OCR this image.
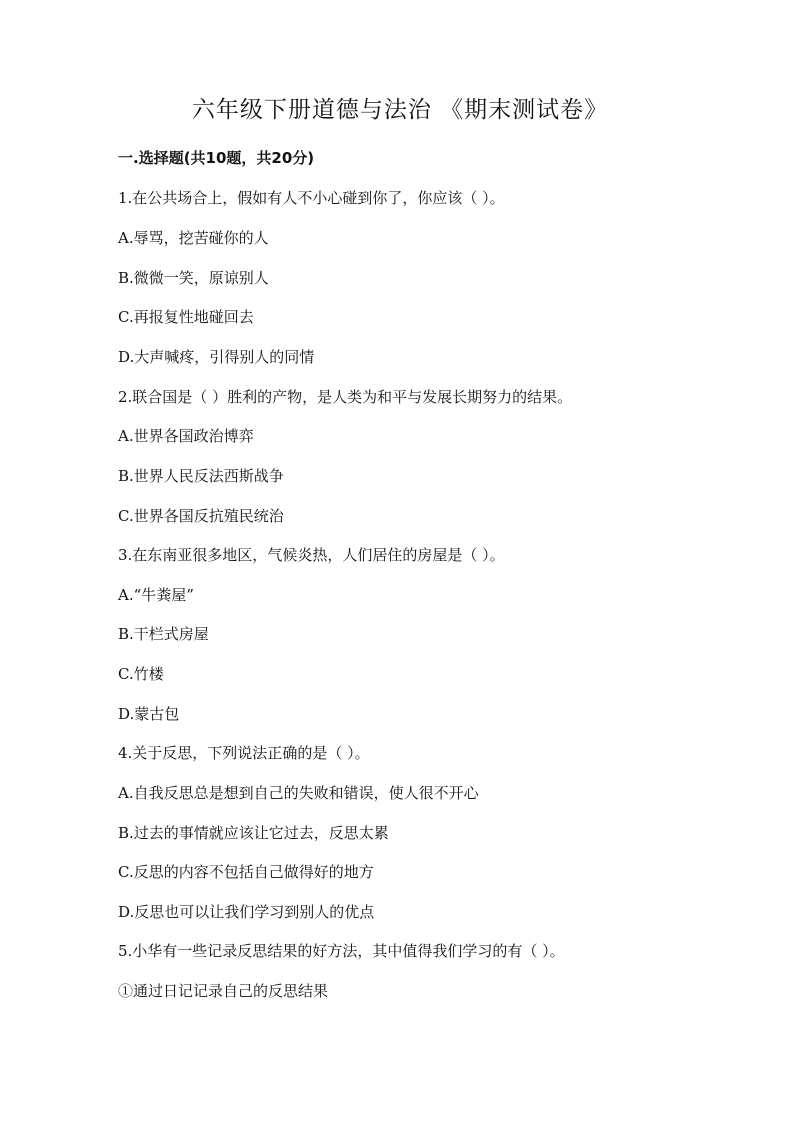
六年级下册道德与法治 《期末测试卷》
一.选择题(共10题，共20分)

1.在公共场合上，假如有人不小心碰到你了，你应该（ ）。

A.辱骂，挖苦碰你的人

B.微微一笑，原谅别人

C.再报复性地碰回去

D.大声喊疼，引得别人的同情

2.联合国是（ ）胜利的产物，是人类为和平与发展长期努力的结果。

A.世界各国政治博弈

B.世界人民反法西斯战争

C.世界各国反抗殖民统治

3.在东南亚很多地区，气候炎热，人们居住的房屋是（ ）。

A.“牛粪屋”

B.干栏式房屋

C.竹楼

D.蒙古包

4.关于反思，下列说法正确的是（ ）。

A.自我反思总是想到自己的失败和错误，使人很不开心

B.过去的事情就应该让它过去，反思太累

C.反思的内容不包括自己做得好的地方

D.反思也可以让我们学习到别人的优点

5.小华有一些记录反思结果的好方法，其中值得我们学习的有（ ）。

①通过日记记录自己的反思结果
